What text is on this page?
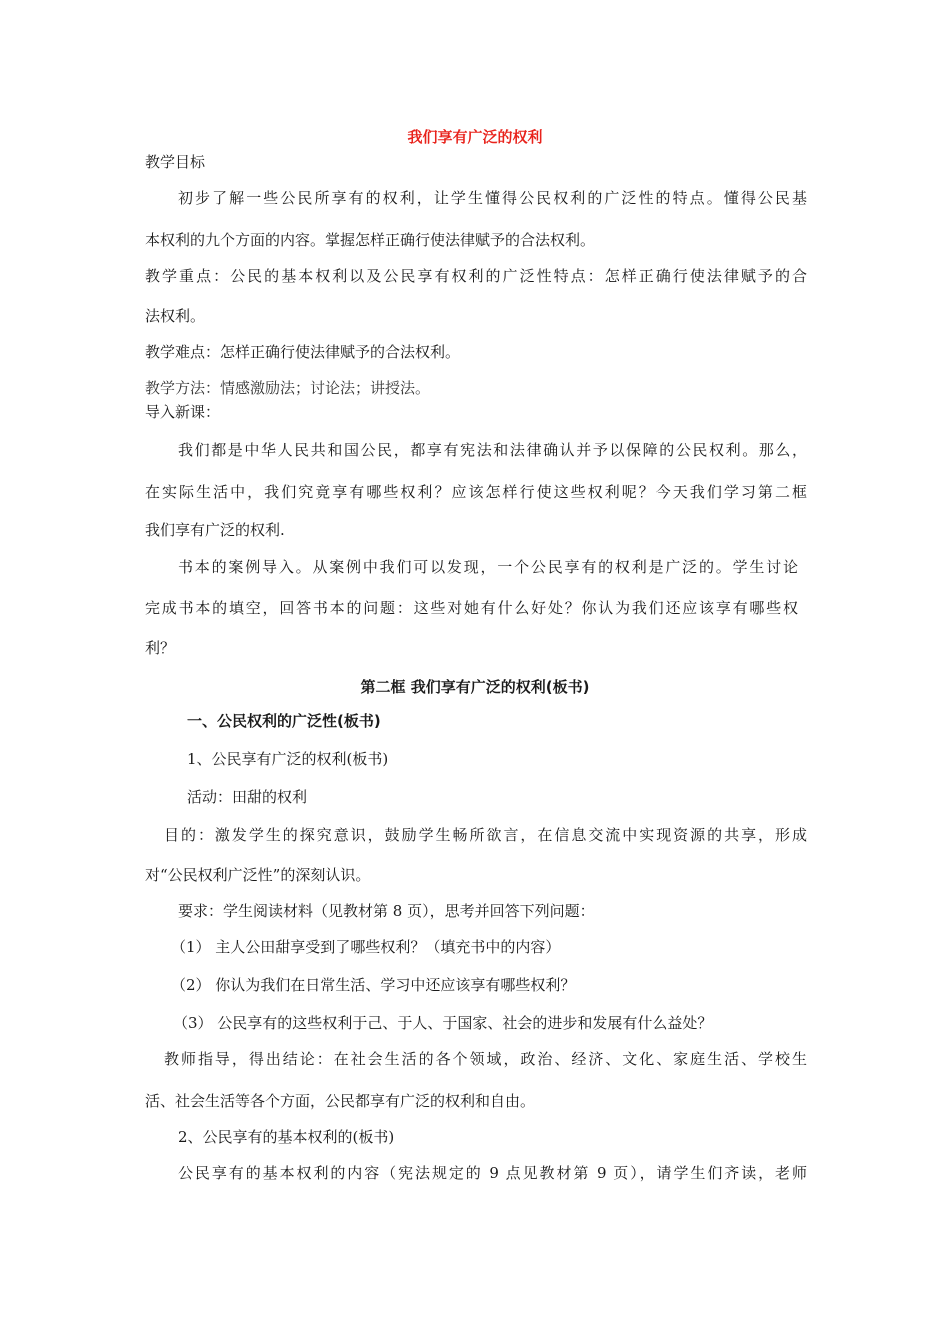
我们享有广泛的权利
教学目标
初步了解一些公民所享有的权利，让学生懂得公民权利的广泛性的特点。懂得公民基
本权利的九个方面的内容。掌握怎样正确行使法律赋予的合法权利。
教学重点：公民的基本权利以及公民享有权利的广泛性特点：怎样正确行使法律赋予的合
法权利。
教学难点：怎样正确行使法律赋予的合法权利。
教学方法：情感激励法；讨论法；讲授法。
导入新课：
我们都是中华人民共和国公民，都享有宪法和法律确认并予以保障的公民权利。那么，
在实际生活中，我们究竟享有哪些权利？应该怎样行使这些权利呢？今天我们学习第二框
我们享有广泛的权利.
书本的案例导入。从案例中我们可以发现，一个公民享有的权利是广泛的。学生讨论
完成书本的填空，回答书本的问题：这些对她有什么好处？你认为我们还应该享有哪些权
利？
第二框 我们享有广泛的权利(板书)
一、公民权利的广泛性(板书)
1、公民享有广泛的权利(板书)
活动：田甜的权利
目的：激发学生的探究意识，鼓励学生畅所欲言，在信息交流中实现资源的共享，形成
对“公民权利广泛性”的深刻认识。
要求：学生阅读材料（见教材第 8 页），思考并回答下列问题：
（1） 主人公田甜享受到了哪些权利？（填充书中的内容）
（2） 你认为我们在日常生活、学习中还应该享有哪些权利？
（3） 公民享有的这些权利于己、于人、于国家、社会的进步和发展有什么益处？
教师指导，得出结论：在社会生活的各个领域，政治、经济、文化、家庭生活、学校生
活、社会生活等各个方面，公民都享有广泛的权利和自由。
2、公民享有的基本权利的(板书)
公民享有的基本权利的内容（宪法规定的 9 点见教材第 9 页），请学生们齐读，老师
